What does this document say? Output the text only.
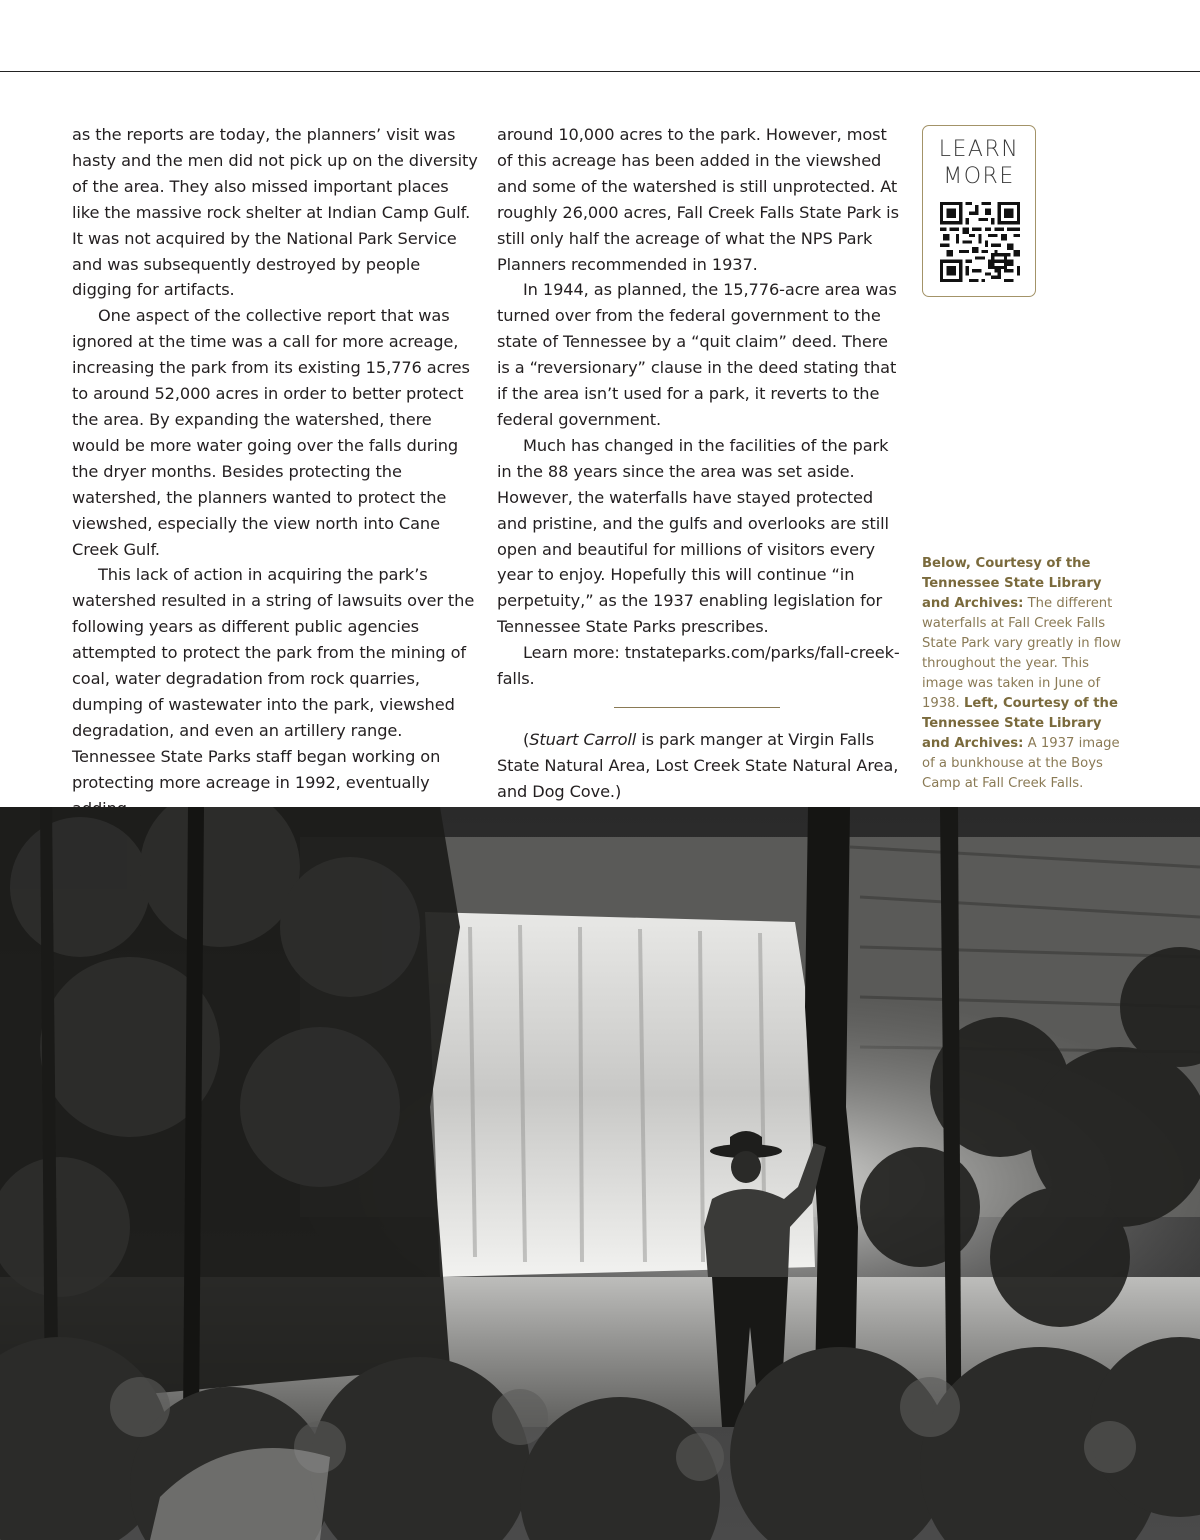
as the reports are today, the planners’ visit was hasty and the men did not pick up on the diversity of the area. They also missed important places like the massive rock shelter at Indian Camp Gulf. It was not acquired by the National Park Service and was subsequently destroyed by people digging for artifacts.

One aspect of the collective report that was ignored at the time was a call for more acreage, increasing the park from its existing 15,776 acres to around 52,000 acres in order to better protect the area. By expanding the watershed, there would be more water going over the falls during the dryer months. Besides protecting the watershed, the planners wanted to protect the viewshed, especially the view north into Cane Creek Gulf.

This lack of action in acquiring the park’s watershed resulted in a string of lawsuits over the following years as different public agencies attempted to protect the park from the mining of coal, water degradation from rock quarries, dumping of wastewater into the park, viewshed degradation, and even an artillery range. Tennessee State Parks staff began working on protecting more acreage in 1992, eventually

around 10,000 acres to the park. However, most of this acreage has been added in the viewshed and some of the watershed is still unprotected. At roughly 26,000 acres, Fall Creek Falls State Park is still only half the acreage of what the NPS Park Planners recommended in 1937.

In 1944, as planned, the 15,776-acre area was turned over from the federal government to the state of Tennessee by a “quit claim” deed. There is a “reversionary” clause in the deed stating that if the area isn’t used for a park, it reverts to the federal government.

Much has changed in the facilities of the park in the 88 years since the area was set aside. However, the waterfalls have stayed protected and pristine, and the gulfs and overlooks are still open and beautiful for millions of visitors every year to enjoy. Hopefully this will continue “in perpetuity,” as the 1937 enabling legislation for Tennessee State Parks prescribes.

Learn more: tnstateparks.com/parks/fall-creek-falls.

(Stuart Carroll is park manger at Virgin Falls State Natural Area, Lost Creek State Natural Area, and Dog Cove.)

LEARN
MORE
Below, Courtesy of the Tennessee State Library and Archives: The different waterfalls at Fall Creek Falls State Park vary greatly in flow throughout the year. This image was taken in June of 1938. Left, Courtesy of the Tennessee State Library and Archives: A 1937 image of a bunkhouse at the Boys Camp at Fall Creek Falls.
